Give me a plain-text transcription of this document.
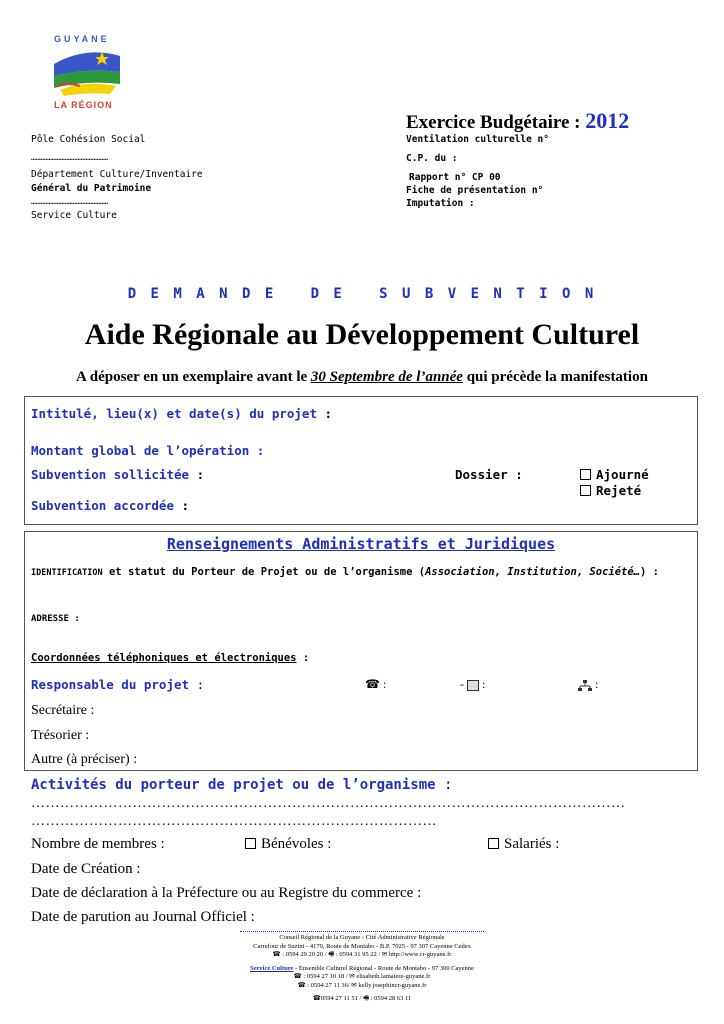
GUYANE
LA RÉGION
Pôle Cohésion Social
…………………………………………
Département Culture/Inventaire
Général du Patrimoine
…………………………………………
Service Culture
Exercice Budgétaire : 2012
Ventilation culturelle n°
C.P. du :
Rapport n° CP 00
Fiche de présentation n°
Imputation :
D E M A N D E   D E   S U B V E N T I O N
Aide Régionale au Développement Culturel
A déposer en un exemplaire avant le 30 Septembre de l’année qui précède la manifestation
Intitulé, lieu(x) et date(s) du projet :
Montant global de l’opération :
Subvention sollicitée :	Dossier :	Ajourné
Rejeté
Subvention accordée :
Renseignements Administratifs et Juridiques
IDENTIFICATION et statut du Porteur de Projet ou de l’organisme (Association, Institution, Société…) :
ADRESSE :
Coordonnées téléphoniques et électroniques :
Responsable du projet :	☎ :	-  :	:
Secrétaire :
Trésorier :
Autre (à préciser) :
Activités du porteur de projet ou de l’organisme :
……………………………………………………………………………………………………………
…………………………………………………………………………
Nombre de membres :	Bénévoles :	Salariés :
Date de Création :
Date de déclaration à la Préfecture ou au Registre du commerce :
Date de parution au Journal Officiel :
Conseil Régional de la Guyane - Cité Administrative Régionale
Carrefour de Suzini - 4179, Route de Montabo - B.P. 7025 - 97 307 Cayenne Cedex
☎ : 0594 29 20 20 / 🖷 : 0594 31 95 22 / ✉ http://www.cr-guyane.fr
Service Culture - Ensemble Culturel Régional - Route de Montabo - 97 300 Cayenne
☎ : 0594 27 10 18 / ✉ elisabeth.lamaiere-guyane.fr
☎ : 0594 27 11 36/ ✉ kelly.josephincr-guyane.fr
☎0594 27 11 51 / 🖷 : 0594 28 63 11
